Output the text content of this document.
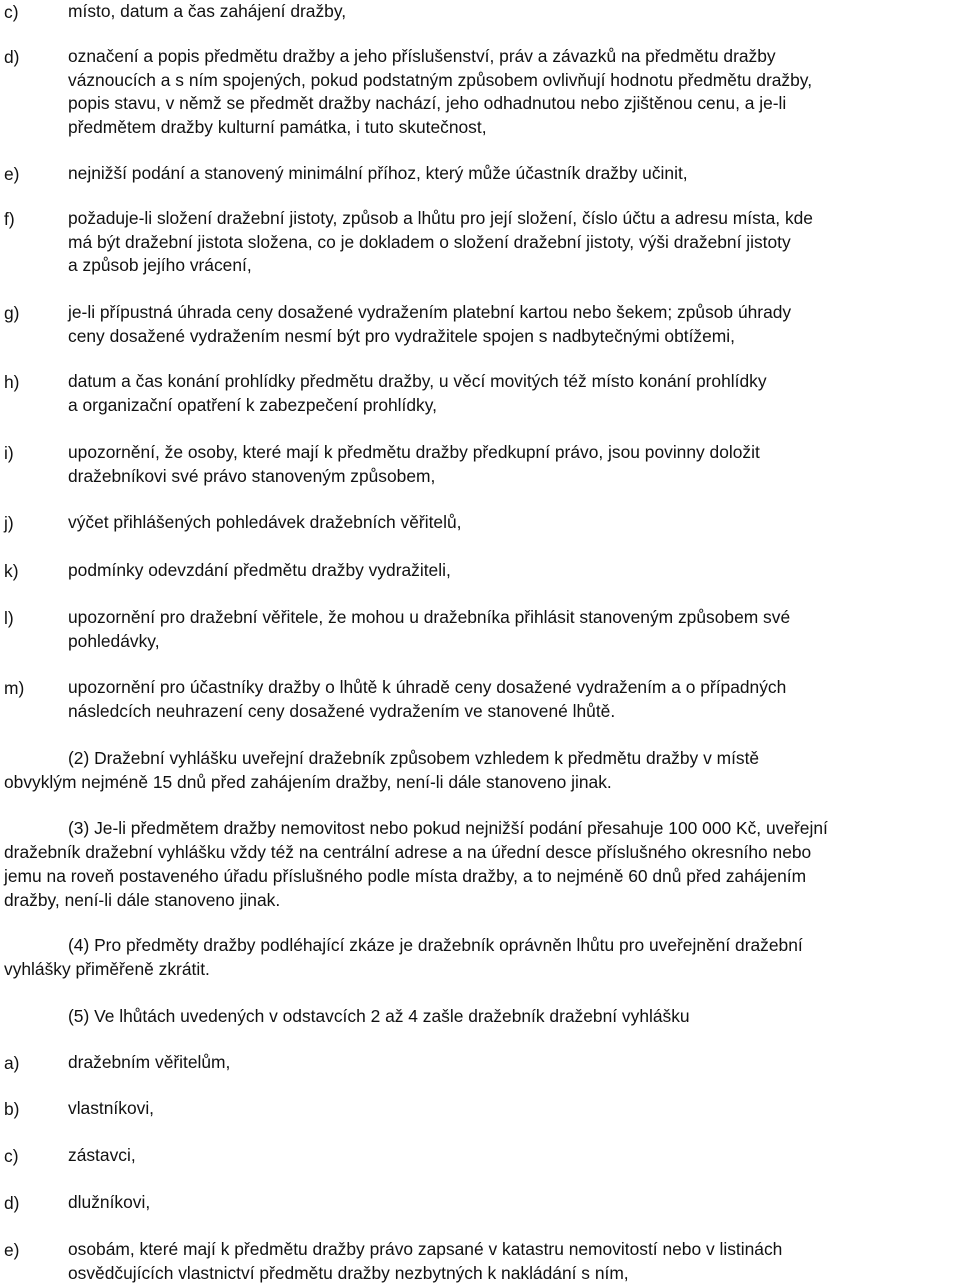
c)	místo, datum a čas zahájení dražby,
d)	označení a popis předmětu dražby a jeho příslušenství, práv a závazků na předmětu dražby
váznoucích a s ním spojených, pokud podstatným způsobem ovlivňují hodnotu předmětu dražby,
popis stavu, v němž se předmět dražby nachází, jeho odhadnutou nebo zjištěnou cenu, a je-li
předmětem dražby kulturní památka, i tuto skutečnost,
e)	nejnižší podání a stanovený minimální příhoz, který může účastník dražby učinit,
f)	požaduje-li složení dražební jistoty, způsob a lhůtu pro její složení, číslo účtu a adresu místa, kde
má být dražební jistota složena, co je dokladem o složení dražební jistoty, výši dražební jistoty
a způsob jejího vrácení,
g)	je-li přípustná úhrada ceny dosažené vydražením platební kartou nebo šekem; způsob úhrady
ceny dosažené vydražením nesmí být pro vydražitele spojen s nadbytečnými obtížemi,
h)	datum a čas konání prohlídky předmětu dražby, u věcí movitých též místo konání prohlídky
a organizační opatření k zabezpečení prohlídky,
i)	upozornění, že osoby, které mají k předmětu dražby předkupní právo, jsou povinny doložit
dražebníkovi své právo stanoveným způsobem,
j)	výčet přihlášených pohledávek dražebních věřitelů,
k)	podmínky odevzdání předmětu dražby vydražiteli,
l)	upozornění pro dražební věřitele, že mohou u dražebníka přihlásit stanoveným způsobem své
pohledávky,
m)	upozornění pro účastníky dražby o lhůtě k úhradě ceny dosažené vydražením a o případných
následcích neuhrazení ceny dosažené vydražením ve stanovené lhůtě.
(2) Dražební vyhlášku uveřejní dražebník způsobem vzhledem k předmětu dražby v místě
obvyklým nejméně 15 dnů před zahájením dražby, není-li dále stanoveno jinak.
(3) Je-li předmětem dražby nemovitost nebo pokud nejnižší podání přesahuje 100 000 Kč, uveřejní
dražebník dražební vyhlášku vždy též na centrální adrese a na úřední desce příslušného okresního nebo
jemu na roveň postaveného úřadu příslušného podle místa dražby, a to nejméně 60 dnů před zahájením
dražby, není-li dále stanoveno jinak.
(4) Pro předměty dražby podléhající zkáze je dražebník oprávněn lhůtu pro uveřejnění dražební
vyhlášky přiměřeně zkrátit.
(5) Ve lhůtách uvedených v odstavcích 2 až 4 zašle dražebník dražební vyhlášku
a)	dražebním věřitelům,
b)	vlastníkovi,
c)	zástavci,
d)	dlužníkovi,
e)	osobám, které mají k předmětu dražby právo zapsané v katastru nemovitostí nebo v listinách
osvědčujících vlastnictví předmětu dražby nezbytných k nakládání s ním,
